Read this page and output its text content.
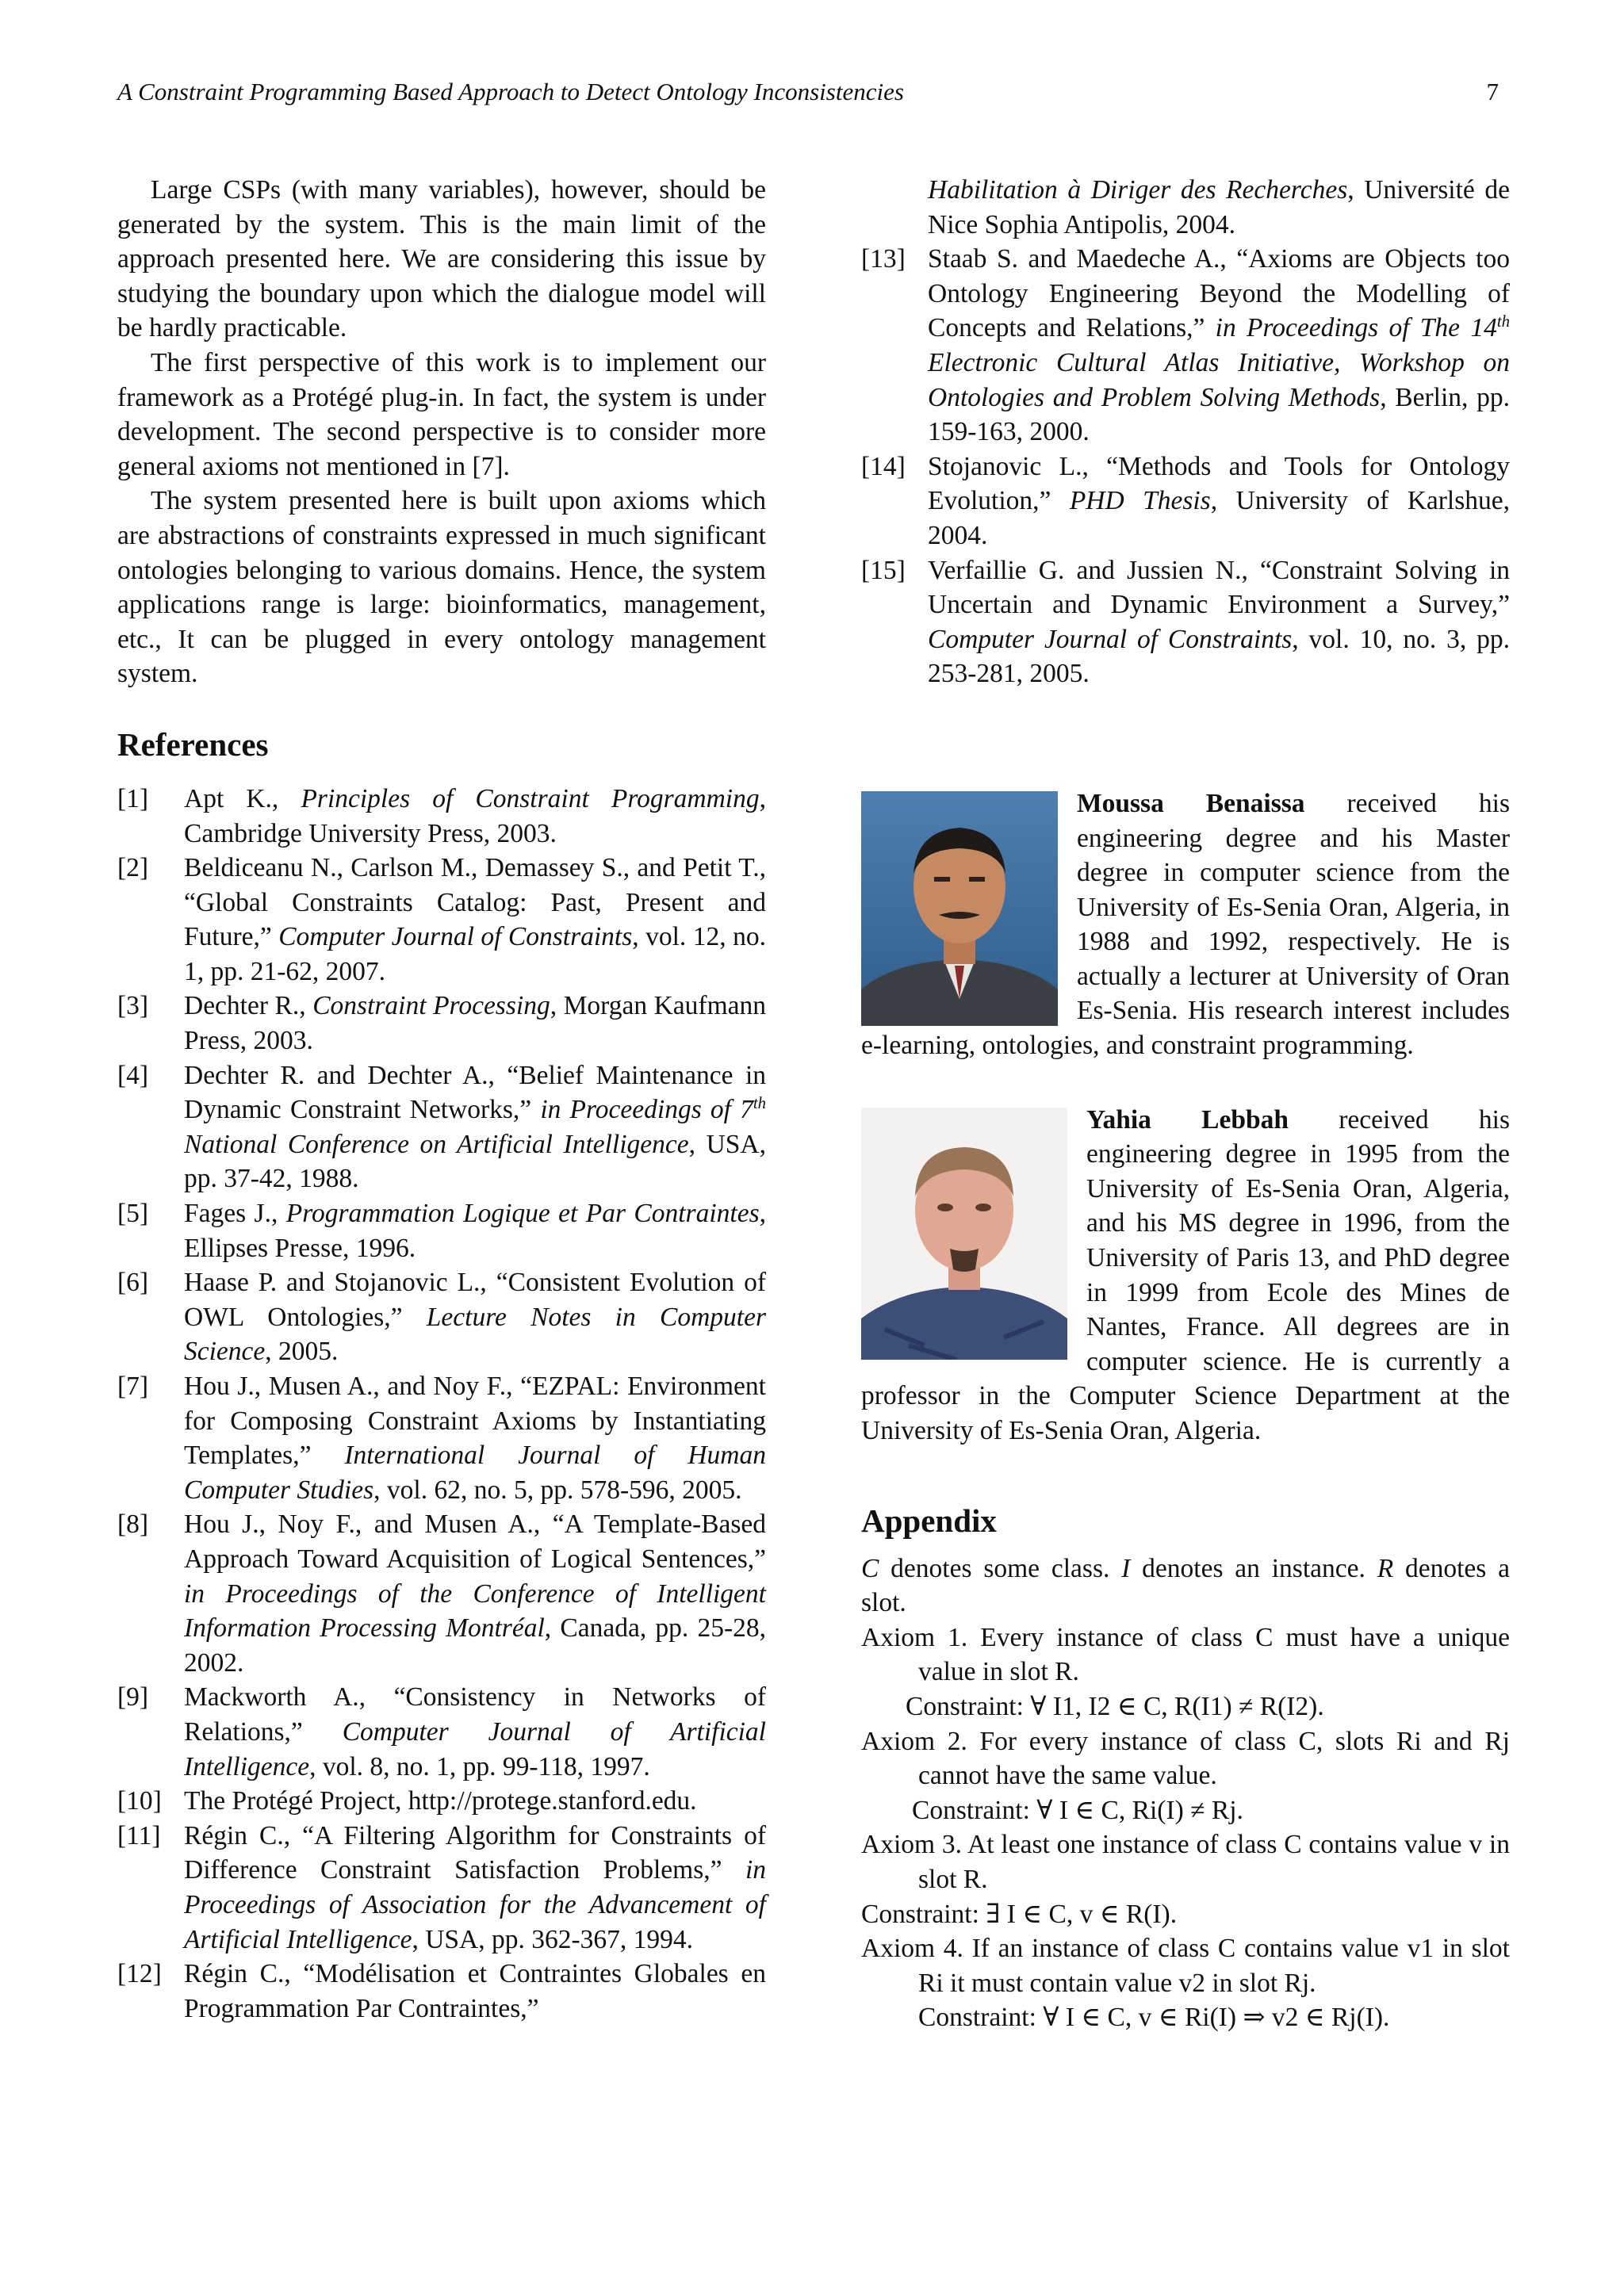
A Constraint Programming Based Approach to Detect Ontology Inconsistencies	7

Large CSPs (with many variables), however, should be generated by the system. This is the main limit of the approach presented here. We are considering this issue by studying the boundary upon which the dialogue model will be hardly practicable.

The first perspective of this work is to implement our framework as a Protégé plug-in. In fact, the system is under development. The second perspective is to consider more general axioms not mentioned in [7].

The system presented here is built upon axioms which are abstractions of constraints expressed in much significant ontologies belonging to various domains. Hence, the system applications range is large: bioinformatics, management, etc., It can be plugged in every ontology management system.

References
[1]	Apt K., Principles of Constraint Programming, Cambridge University Press, 2003.
[2]	Beldiceanu N., Carlson M., Demassey S., and Petit T., “Global Constraints Catalog: Past, Present and Future,” Computer Journal of Constraints, vol. 12, no. 1, pp. 21-62, 2007.
[3]	Dechter R., Constraint Processing, Morgan Kaufmann Press, 2003.
[4]	Dechter R. and Dechter A., “Belief Maintenance in Dynamic Constraint Networks,” in Proceedings of 7th National Conference on Artificial Intelligence, USA, pp. 37-42, 1988.
[5]	Fages J., Programmation Logique et Par Contraintes, Ellipses Presse, 1996.
[6]	Haase P. and Stojanovic L., “Consistent Evolution of OWL Ontologies,” Lecture Notes in Computer Science, 2005.
[7]	Hou J., Musen A., and Noy F., “EZPAL: Environment for Composing Constraint Axioms by Instantiating Templates,” International Journal of Human Computer Studies, vol. 62, no. 5, pp. 578-596, 2005.
[8]	Hou J., Noy F., and Musen A., “A Template-Based Approach Toward Acquisition of Logical Sentences,” in Proceedings of the Conference of Intelligent Information Processing Montréal, Canada, pp. 25-28, 2002.
[9]	Mackworth A., “Consistency in Networks of Relations,” Computer Journal of Artificial Intelligence, vol. 8, no. 1, pp. 99-118, 1997.
[10] The Protégé Project, http://protege.stanford.edu.
[11] Régin C., “A Filtering Algorithm for Constraints of Difference Constraint Satisfaction Problems,” in Proceedings of Association for the Advancement of Artificial Intelligence, USA, pp. 362-367, 1994.
[12] Régin C., “Modélisation et Contraintes Globales en Programmation Par Contraintes,”
Habilitation à Diriger des Recherches, Université de Nice Sophia Antipolis, 2004.
[13] Staab S. and Maedeche A., “Axioms are Objects too Ontology Engineering Beyond the Modelling of Concepts and Relations,” in Proceedings of The 14th Electronic Cultural Atlas Initiative, Workshop on Ontologies and Problem Solving Methods, Berlin, pp. 159-163, 2000.
[14] Stojanovic L., “Methods and Tools for Ontology Evolution,” PHD Thesis, University of Karlshue, 2004.
[15] Verfaillie G. and Jussien N., “Constraint Solving in Uncertain and Dynamic Environment a Survey,” Computer Journal of Constraints, vol. 10, no. 3, pp. 253-281, 2005.
Moussa Benaissa received his engineering degree and his Master degree in computer science from the University of Es-Senia Oran, Algeria, in 1988 and 1992, respectively. He is actually a lecturer at University of Oran Es-Senia. His research interest includes e-learning, ontologies, and constraint programming.
Yahia Lebbah received his engineering degree in 1995 from the University of Es-Senia Oran, Algeria, and his MS degree in 1996, from the University of Paris 13, and PhD degree in 1999 from Ecole des Mines de Nantes, France. All degrees are in computer science. He is currently a professor in the Computer Science Department at the University of Es-Senia Oran, Algeria.
Appendix

C denotes some class. I denotes an instance. R denotes a slot.

Axiom 1. Every instance of class C must have a unique value in slot R.

Constraint: ∀ I1, I2 ∈ C, R(I1) ≠ R(I2).

Axiom 2. For every instance of class C, slots Ri and Rj cannot have the same value.

Constraint: ∀ I ∈ C, Ri(I) ≠ Rj.

Axiom 3. At least one instance of class C contains value v in slot R.

Constraint: ∃ I ∈ C, v ∈ R(I).

Axiom 4. If an instance of class C contains value v1 in slot Ri it must contain value v2 in slot Rj.

Constraint: ∀ I ∈ C, v ∈ Ri(I) ⇒ v2 ∈ Rj(I).
